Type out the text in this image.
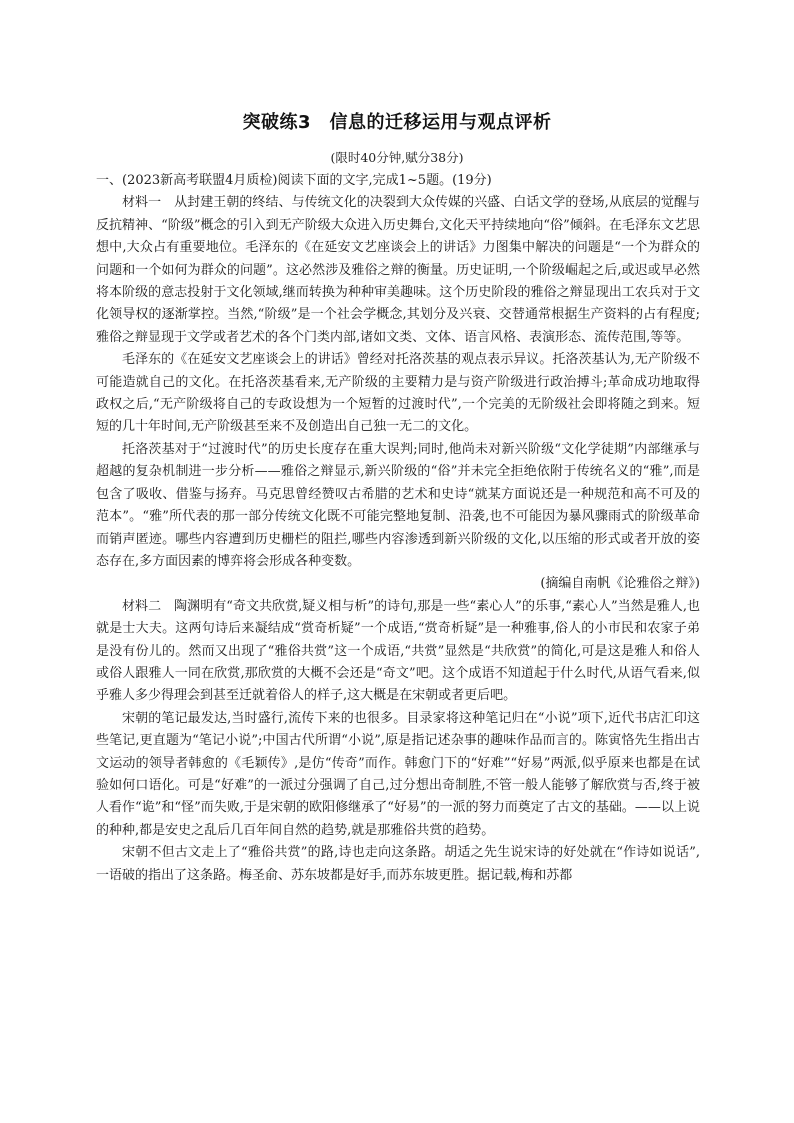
突破练3　信息的迁移运用与观点评析
(限时40分钟,赋分38分)

一、(2023新高考联盟4月质检)阅读下面的文字,完成1~5题。(19分)

材料一　从封建王朝的终结、与传统文化的决裂到大众传媒的兴盛、白话文学的登场,从底层的觉醒与反抗精神、“阶级”概念的引入到无产阶级大众进入历史舞台,文化天平持续地向“俗”倾斜。在毛泽东文艺思想中,大众占有重要地位。毛泽东的《在延安文艺座谈会上的讲话》力图集中解决的问题是“一个为群众的问题和一个如何为群众的问题”。这必然涉及雅俗之辩的衡量。历史证明,一个阶级崛起之后,或迟或早必然将本阶级的意志投射于文化领域,继而转换为种种审美趣味。这个历史阶段的雅俗之辩显现出工农兵对于文化领导权的逐渐掌控。当然,“阶级”是一个社会学概念,其划分及兴衰、交替通常根据生产资料的占有程度;雅俗之辩显现于文学或者艺术的各个门类内部,诸如文类、文体、语言风格、表演形态、流传范围,等等。

毛泽东的《在延安文艺座谈会上的讲话》曾经对托洛茨基的观点表示异议。托洛茨基认为,无产阶级不可能造就自己的文化。在托洛茨基看来,无产阶级的主要精力是与资产阶级进行政治搏斗;革命成功地取得政权之后,“无产阶级将自己的专政设想为一个短暂的过渡时代”,一个完美的无阶级社会即将随之到来。短短的几十年时间,无产阶级甚至来不及创造出自己独一无二的文化。

托洛茨基对于“过渡时代”的历史长度存在重大误判;同时,他尚未对新兴阶级“文化学徒期”内部继承与超越的复杂机制进一步分析——雅俗之辩显示,新兴阶级的“俗”并未完全拒绝依附于传统名义的“雅”,而是包含了吸收、借鉴与扬弃。马克思曾经赞叹古希腊的艺术和史诗“就某方面说还是一种规范和高不可及的范本”。“雅”所代表的那一部分传统文化既不可能完整地复制、沿袭,也不可能因为暴风骤雨式的阶级革命而销声匿迹。哪些内容遭到历史栅栏的阻拦,哪些内容渗透到新兴阶级的文化,以压缩的形式或者开放的姿态存在,多方面因素的博弈将会形成各种变数。

(摘编自南帆《论雅俗之辩》)

材料二　陶渊明有“奇文共欣赏,疑义相与析”的诗句,那是一些“素心人”的乐事,“素心人”当然是雅人,也就是士大夫。这两句诗后来凝结成“赏奇析疑”一个成语,“赏奇析疑”是一种雅事,俗人的小市民和农家子弟是没有份儿的。然而又出现了“雅俗共赏”这一个成语,“共赏”显然是“共欣赏”的简化,可是这是雅人和俗人或俗人跟雅人一同在欣赏,那欣赏的大概不会还是“奇文”吧。这个成语不知道起于什么时代,从语气看来,似乎雅人多少得理会到甚至迁就着俗人的样子,这大概是在宋朝或者更后吧。

宋朝的笔记最发达,当时盛行,流传下来的也很多。目录家将这种笔记归在“小说”项下,近代书店汇印这些笔记,更直题为“笔记小说”;中国古代所谓“小说”,原是指记述杂事的趣味作品而言的。陈寅恪先生指出古文运动的领导者韩愈的《毛颖传》,是仿“传奇”而作。韩愈门下的“好难”“好易”两派,似乎原来也都是在试验如何口语化。可是“好难”的一派过分强调了自己,过分想出奇制胜,不管一般人能够了解欣赏与否,终于被人看作“诡”和“怪”而失败,于是宋朝的欧阳修继承了“好易”的一派的努力而奠定了古文的基础。——以上说的种种,都是安史之乱后几百年间自然的趋势,就是那雅俗共赏的趋势。

宋朝不但古文走上了“雅俗共赏”的路,诗也走向这条路。胡适之先生说宋诗的好处就在“作诗如说话”,一语破的指出了这条路。梅圣俞、苏东坡都是好手,而苏东坡更胜。据记载,梅和苏都
